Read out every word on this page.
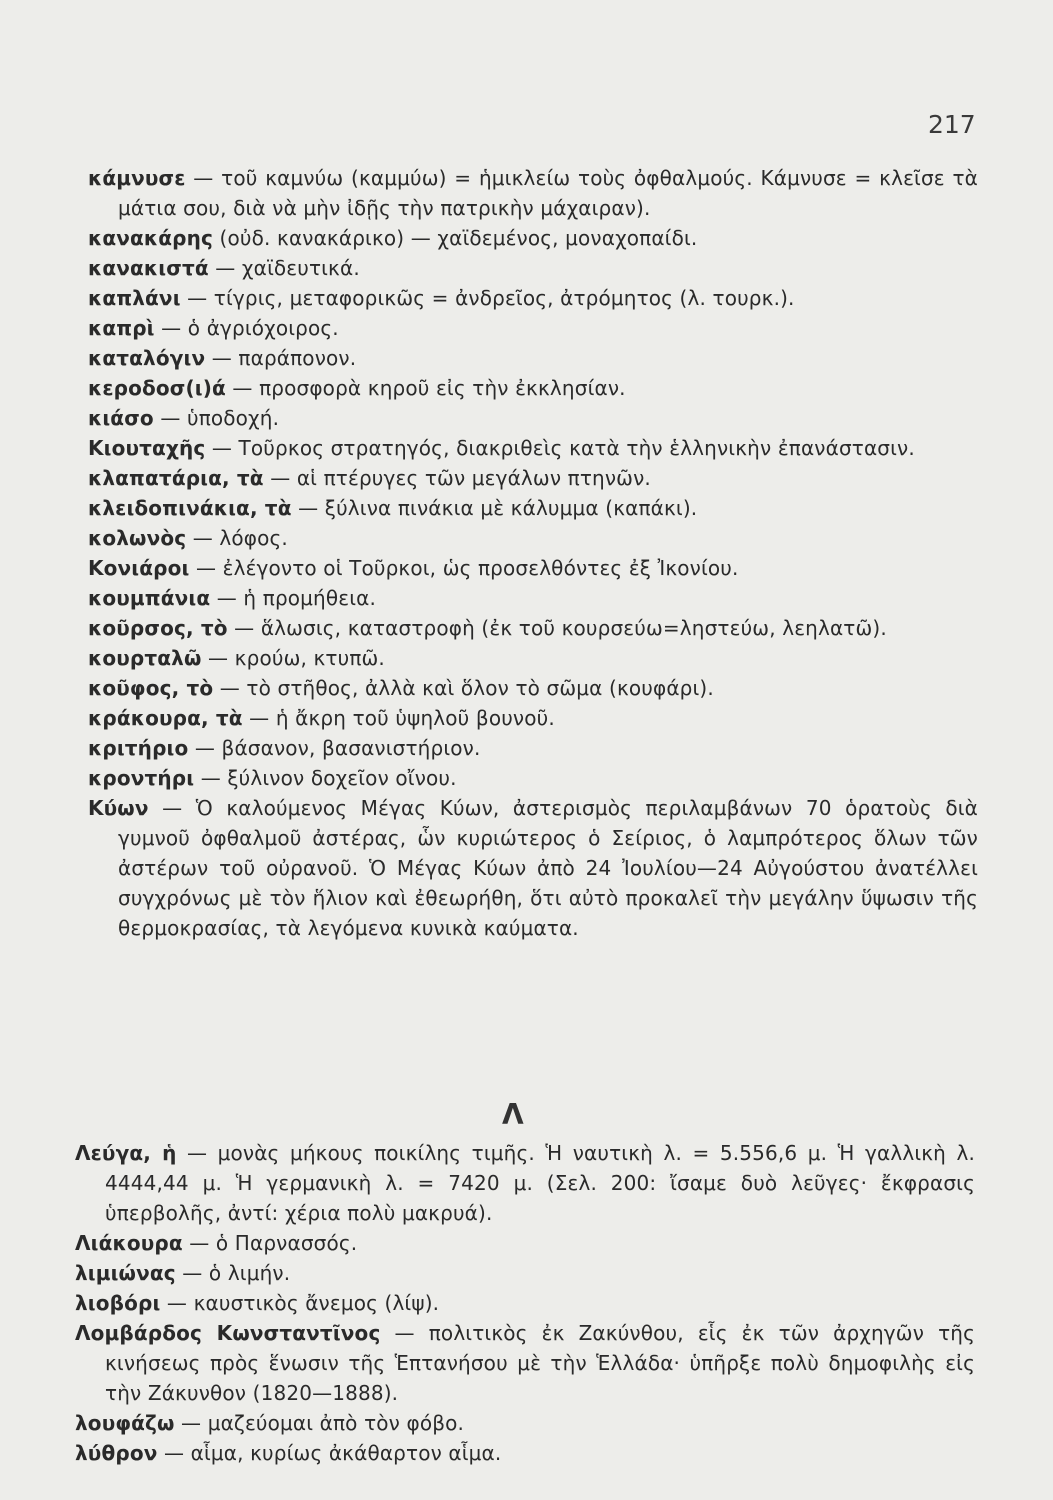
217
κάμνυσε — τοῦ καμνύω (καμμύω) = ἡμικλείω τοὺς ὀφθαλμούς. Κάμνυσε = κλεῖσε τὰ μάτια σου, διὰ νὰ μὴν ἰδῇς τὴν πατρικὴν μάχαιραν).
κανακάρης (οὐδ. κανακάρικο) — χαϊδεμένος, μοναχοπαίδι.
κανακιστά — χαϊδευτικά.
καπλάνι — τίγρις, μεταφορικῶς = ἀνδρεῖος, ἀτρόμητος (λ. τουρκ.).
καπρὶ — ὁ ἀγριόχοιρος.
καταλόγιν — παράπονον.
κεροδοσ(ι)ά — προσφορὰ κηροῦ εἰς τὴν ἐκκλησίαν.
κιάσο — ὑποδοχή.
Κιουταχῆς — Τοῦρκος στρατηγός, διακριθεὶς κατὰ τὴν ἑλληνικὴν ἐπανάστασιν.
κλαπατάρια, τὰ — αἱ πτέρυγες τῶν μεγάλων πτηνῶν.
κλειδοπινάκια, τὰ — ξύλινα πινάκια μὲ κάλυμμα (καπάκι).
κολωνὸς — λόφος.
Κονιάροι — ἐλέγοντο οἱ Τοῦρκοι, ὡς προσελθόντες ἐξ Ἰκονίου.
κουμπάνια — ἡ προμήθεια.
κοῦρσος, τὸ — ἅλωσις, καταστροφὴ (ἐκ τοῦ κουρσεύω=ληστεύω, λεηλατῶ).
κουρταλῶ — κρούω, κτυπῶ.
κοῦφος, τὸ — τὸ στῆθος, ἀλλὰ καὶ ὅλον τὸ σῶμα (κουφάρι).
κράκουρα, τὰ — ἡ ἄκρη τοῦ ὑψηλοῦ βουνοῦ.
κριτήριο — βάσανον, βασανιστήριον.
κροντήρι — ξύλινον δοχεῖον οἴνου.
Κύων — Ὁ καλούμενος Μέγας Κύων, ἀστερισμὸς περιλαμβάνων 70 ὁρατοὺς διὰ γυμνοῦ ὀφθαλμοῦ ἀστέρας, ὧν κυριώτερος ὁ Σείριος, ὁ λαμπρότερος ὅλων τῶν ἀστέρων τοῦ οὐρανοῦ. Ὁ Μέγας Κύων ἀπὸ 24 Ἰουλίου—24 Αὐγούστου ἀνατέλλει συγχρόνως μὲ τὸν ἥλιον καὶ ἐθεωρήθη, ὅτι αὐτὸ προκαλεῖ τὴν μεγάλην ὕψωσιν τῆς θερμοκρασίας, τὰ λεγόμενα κυνικὰ καύματα.
Λ
Λεύγα, ἡ — μονὰς μήκους ποικίλης τιμῆς. Ἡ ναυτικὴ λ. = 5.556,6 μ. Ἡ γαλλικὴ λ. 4444,44 μ. Ἡ γερμανικὴ λ. = 7420 μ. (Σελ. 200: ἴσαμε δυὸ λεῦγες· ἔκφρασις ὑπερβολῆς, ἀντί: χέρια πολὺ μακρυά).
Λιάκουρα — ὁ Παρνασσός.
λιμιώνας — ὁ λιμήν.
λιοβόρι — καυστικὸς ἄνεμος (λίψ).
Λομβάρδος Κωνσταντῖνος — πολιτικὸς ἐκ Ζακύνθου, εἷς ἐκ τῶν ἀρχηγῶν τῆς κινήσεως πρὸς ἕνωσιν τῆς Ἑπτανήσου μὲ τὴν Ἑλλάδα· ὑπῆρξε πολὺ δημοφιλὴς εἰς τὴν Ζάκυνθον (1820—1888).
λουφάζω — μαζεύομαι ἀπὸ τὸν φόβο.
λύθρον — αἷμα, κυρίως ἀκάθαρτον αἷμα.
